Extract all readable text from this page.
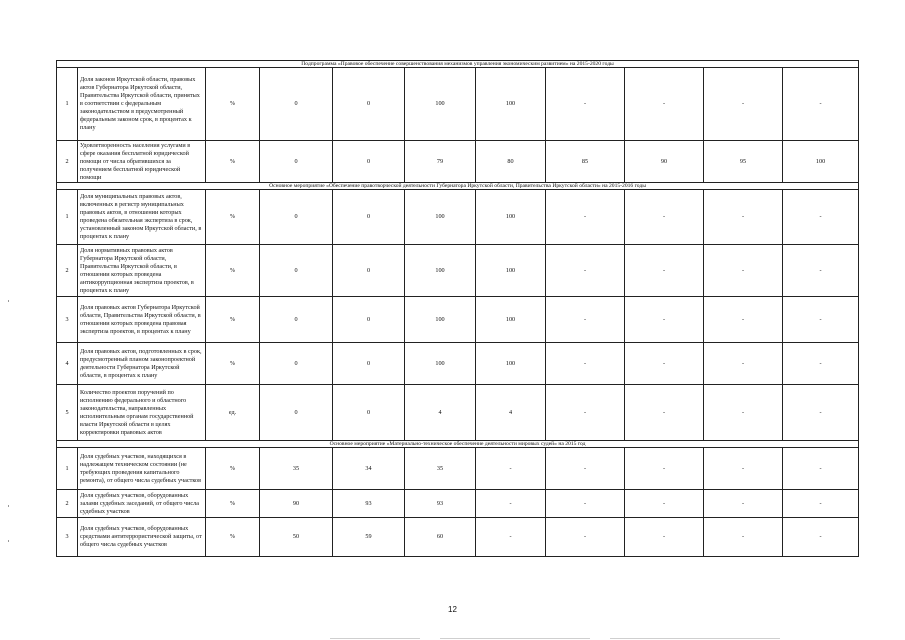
Подпрограмма «Правовое обеспечение совершенствования механизмов управления экономическим развитием» на 2015-2020 годы										
1	Доля законов Иркутской области, правовых актов Губернатора Иркутской области, Правительства Иркутской области, принятых в соответствии с федеральным законодательством в предусмотренный федеральным законом срок, в процентах к плану	%	0	0	100	100	-	-	-	-
2	Удовлетворенность населения услугами в сфере оказания бесплатной юридической помощи от числа обратившихся за получением бесплатной юридической помощи	%	0	0	79	80	85	90	95	100
Основное мероприятие «Обеспечение правотворческой деятельности Губернатора Иркутской области, Правительства Иркутской области» на 2015-2016 годы										
1	Доля муниципальных правовых актов, включенных в регистр муниципальных правовых актов, в отношении которых проведена обязательная экспертиза в срок, установленный законом Иркутской области, в процентах к плану	%	0	0	100	100	-	-	-	-
2	Доля нормативных правовых актов Губернатора Иркутской области, Правительства Иркутской области, в отношении которых проведена антикоррупционная экспертиза проектов, в процентах к плану	%	0	0	100	100	-	-	-	-
3	Доля правовых актов Губернатора Иркутской области, Правительства Иркутской области, в отношении которых проведена правовая экспертиза проектов, в процентах к плану	%	0	0	100	100	-	-	-	-
4	Доля правовых актов, подготовленных в срок, предусмотренный планом законопроектной деятельности Губернатора Иркутской области, в процентах к плану	%	0	0	100	100	-	-	-	-
5	Количество проектов поручений по исполнению федерального и областного законодательства, направленных исполнительным органам государственной власти Иркутской области в целях корректировки правовых актов	ед.	0	0	4	4	-	-	-	-
Основное мероприятие «Материально-техническое обеспечение деятельности мировых судей» на 2015 год										
1	Доля судебных участков, находящихся в надлежащем техническом состоянии (не требующих проведения капитального ремонта), от общего числа судебных участков	%	35	34	35	-	-	-	-	-
2	Доля судебных участков, оборудованных залами судебных заседаний, от общего числа судебных участков	%	90	93	93	-	-	-	-	-
3	Доля судебных участков, оборудованных средствами антитеррористической защиты, от общего числа судебных участков	%	50	59	60	-	-	-	-	-
12
